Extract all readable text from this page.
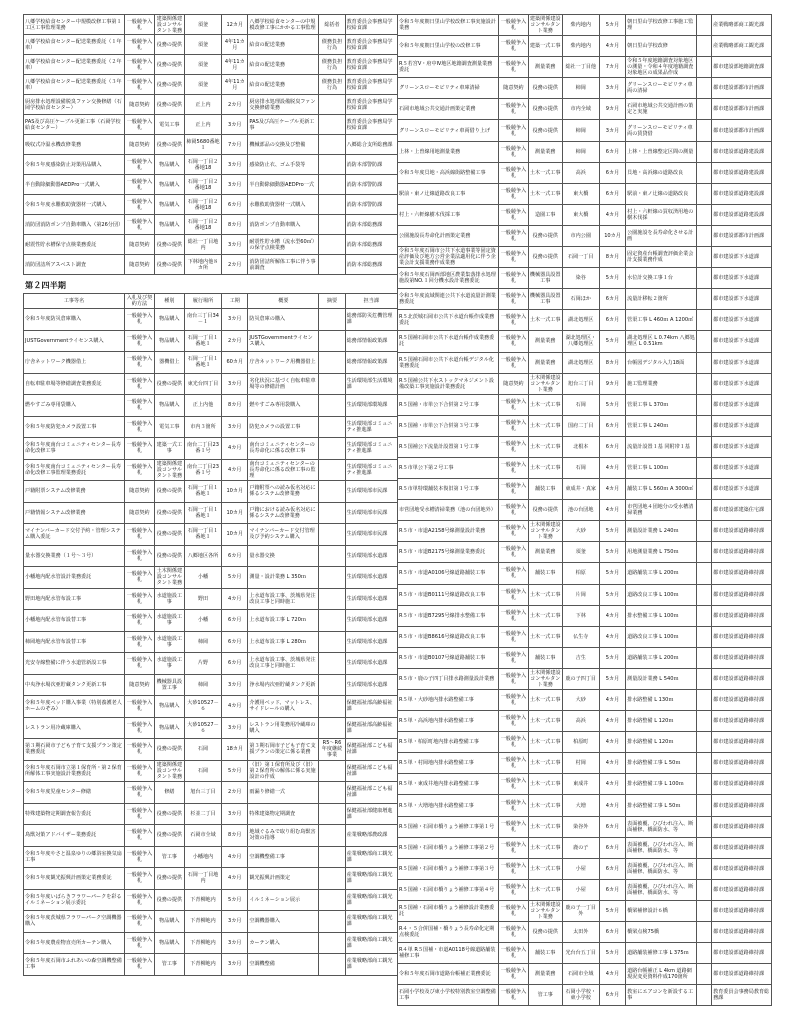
八郷学校給食センター中規模改修工事第１工区工事監理業務	一般競争入札	建築関係建設コンサルタント業務	須釜	12カ月	八郷学校給食センターの中規模改修工事にかかる工事監理	総括者	教育委員会事務局学校給食課
八郷学校給食センター配送業務委託（１年車）	一般競争入札	役務の提供	須釜	4年11カ月	給食の配送業務	債務負担行為	教育委員会事務局学校給食課
八郷学校給食センター配送業務委託（２年車）	一般競争入札	役務の提供	須釜	4年11カ月	給食の配送業務	債務負担行為	教育委員会事務局学校給食課
八郷学校給食センター配送業務委託（３年車）	一般競争入札	役務の提供	須釜	4年11カ月	給食の配送業務	債務負担行為	教育委員会事務局学校給食課
厨房排水処理設備脱臭ファン交換修繕（石岡学校給食センター）	随意契約	役務の提供	正上内	2カ月	厨房排水処理設備脱臭ファン交換修繕業務		教育委員会事務局学校給食課
PAS及び高圧ケーブル更新工事（石岡学校給食センター）	一般競争入札	電気工事	正上内	3カ月	PAS及び高圧ケーブル更新工事		教育委員会事務局学校給食課
吸収式冷温水機改修業務	随意契約	役務の提供	柿岡5680番地１	7カ月	機械部品の交換及び整備		八郷総合支所総務課
令和５年度感染防止対策用品購入	一般競争入札	物品購入	石岡一丁目２番地18	3カ月	感染防止衣、ゴム手袋等		消防本部警防課
半自動除細動器AEDPro一式購入	一般競争入札	物品購入	石岡一丁目２番地18	3カ月	半自動除細動器AEDPro一式		消防本部警防課
令和５年度水難救助資器材一式購入	一般競争入札	物品購入	石岡一丁目２番地18	6カ月	水難救助資器材一式購入		消防本部警防課
消防団消防ポンプ自動車購入（第26分団）	一般競争入札	物品購入	石岡一丁目２番地18	8カ月	消防ポンプ自動車購入		消防本部総務課
耐震性貯水槽保守点検業務委託	随意契約	役務の提供	総社一丁目地内	3カ月	耐震性貯水槽（流水型60㎥）の保守点検業務		消防本部総務課
消防団詰所アスベスト調査	随意契約	役務の提供	下林地内他８カ所	2カ月	消防団詰所解体工事に伴う事前調査		消防本部総務課
第２四半期
工事等名	入札及び契約方法	種別	履行場所	工期	概要	摘要	担当課
令和５年度防災倉庫購入	一般競争入札	物品購入	南台三丁目34－１	3カ月	防災倉庫の購入		総務部防災危機管理課
JUSTGovernmentライセンス購入	一般競争入札	物品購入	石岡一丁目１番地１	2カ月	JUSTGovernmentライセンス購入		総務部情報政策課
庁舎ネットワーク機器借上	一般競争入札	器機借上	石岡一丁目１番地１	60カ月	庁舎ネットワーク用機器借上		総務部情報政策課
自転車駐車場等修繕調査業務委託	一般競争入札	役務の提供	東光台四丁目	3カ月	劣化状況に基づく自転車駐車場等の修繕計画		生活環境部生活環境課
燃やすごみ専用袋購入	一般競争入札	物品購入	正上内他	8カ月	燃やすごみ専用袋購入		生活環境部環境課
令和５年度防犯カメラ設置工事	一般競争入札	電気工事	市内３箇所	3カ月	防犯カメラの設置工事		生活環境部コミュニティ推進課
令和５年度南台コミュニティセンター長寿命化改修工事	一般競争入札	建築一式工事	南台二丁目23番１号	4カ月	南台コミュニティセンターの長寿命化に係る改修工事		生活環境部コミュニティ推進課
令和５年度南台コミュニティセンター長寿命化改修工事監理業務委託	一般競争入札	建築関係建設コンサルタント業務	南台二丁目23番１号	4カ月	南台コミュニティセンターの長寿命化に係る改修工事の監理		生活環境部コミュニティ推進課
戸籍附票システム改修業務	随意契約	役務の提供	石岡一丁目１番地１	10カ月	戸籍附票への読み仮名対応に係るシステム改修業務		生活環境部市民課
戸籍情報システム改修業務	随意契約	役務の提供	石岡一丁目１番地１	10カ月	戸籍における読み仮名対応に係るシステム改修業務		生活環境部市民課
マイナンバーカード交付予約・管理システム購入委託	一般競争入札	役務の提供	石岡一丁目１番地１	10カ月	マイナンバーカード交付管理及び予約システム購入		生活環境部市民課
量水器交換業務（１号～３号）	一般競争入札	役務の提供	八郷地区各所	6カ月	量水器交換		生活環境部水道課
小幡地内配水管設計業務委託	一般競争入札	土木関係建設コンサルタント業務	小幡	5カ月	測量・設計業務 L 350ｍ		生活環境部水道課
野田地内配水管布設工事	一般競争入札	水道施設工事	野田	4カ月	上水道布設工事、茨城県発注改良工事と同時施工		生活環境部水道課
小幡地内配水管布設替工事	一般競争入札	水道施設工事	小幡	6カ月	上水道布設工事 L 720ｍ		生活環境部水道課
柿岡地内配水管布設替工事	一般競争入札	水道施設工事	柿岡	6カ月	上水道布設工事 L 280ｍ		生活環境部水道課
光安寺線整備に伴う水道管新設工事	一般競争入札	水道施設工事	片野	6カ月	上水道布設工事、茨城県発注改良工事と同時施工		生活環境部水道課
中央浄水場次亜貯蔵タンク更新工事	随意契約	機械器具設置工事	柿岡	3カ月	浄水場内次亜貯蔵タンク更新		生活環境部水道課
令和５年度ベッド購入事業（特別養護老人ホームのぞみ）	一般競争入札	物品購入	大砂10527－６	4カ月	介護用ベッド、マットレス、サイドレールの購入		保健福祉部高齢福祉課
レストラン用冷蔵庫購入	一般競争入札	物品購入	大砂10527－６	3カ月	レストラン用業務用冷蔵庫の購入		保健福祉部高齢福祉課
第３期石岡市子ども子育て支援プラン策定業務委託	一般競争入札	役務の提供	石岡	18カ月	第３期石岡市子ども子育て支援プランの策定に係る業務	R5～R6年度継続事業	保健福祉部こども福祉課
令和５年度石岡市立第１保育所・第２保育所解体工事実施設計業務委託	一般競争入札	建築関係建設コンサルタント業務	石岡	5カ月	（旧）第１保育所及び（旧）第２保育所の解体に係る実施設計の作成		保健福祉部こども福祉課
令和５年度児童センター修繕	一般競争入札	修繕	旭台三丁目	2カ月	雨漏り修繕一式		保健福祉部こども福祉課
特殊建築物定期調査報告委託	一般競争入札	役務の提供	杉並二丁目	3カ月	特殊建築物定期調査		保健福祉部健康増進課
鳥獣対策アドバイザー業務委託	一般競争入札	役務の提供	石岡市全域	8カ月	地域ぐるみで取り組む鳥獣害対策の指導		産業戦略部農政課
令和５年度やさと温泉ゆりの郷浴室換気扇工事	一般競争入札	管工事	小幡地内	4カ月	空調機整備工事		産業戦略部商工観光課
令和５年度観光振興計画策定業務委託	一般競争入札	役務の提供	石岡一丁目地内	4カ月	観光振興計画策定		産業戦略部商工観光課
令和５年度いばらきフラワーパークを彩るイルミネーション展示委託	一般競争入札	役務の提供	下青柳地内	5カ月	イルミネーション展示		産業戦略部商工観光課
令和５年度茨城県フラワーパーク空調機器購入	一般競争入札	物品購入	下青柳地内	3カ月	空調機器購入		産業戦略部商工観光課
令和５年度農産物直売所カーテン購入	一般競争入札	物品購入	下青柳地内	3カ月	カーテン購入		産業戦略部商工観光課
令和５年度石岡市ふれあいの森空調機整備工事	一般競争入札	管工事	下青柳地内	3カ月	空調機整備		産業戦略部商工観光課
令和５年度朝日里山学校改修工事実施設計業務	一般競争入札	建築関係建設コンサルタント業務	柴内地内	5カ月	朝日里山学校改修工事施工監理		産業戦略部商工観光課
令和５年度朝日里山学校の改修工事	一般競争入札	建築一式工事	柴内地内	4カ月	朝日里山学校改修		産業戦略部商工観光課
R５若宮Ⅴ・府中Ⅳ地区地籍調査測量業務委託	一般競争入札	測量業務	総社一丁目他	7カ月	令和５年度地籍調査対象地区の測量・令和４年度地籍調査対象地区の成果品作成		都市建設部地籍調査課
グリーンスローモビリティ車庫清掃	随意契約	役務の提供	柿岡	3カ月	グリーンスローモビリティ車両の清掃		都市建設部都市計画課
石岡市地域公共交通計画策定業務	一般競争入札	役務の提供	市内全域	9カ月	石岡市地域公共交通計画の策定と実施		都市建設部都市計画課
グリーンスローモビリティ車両借り上げ	一般競争入札	役務の提供	柿岡	3カ月	グリーンスローモビリティ車両の賃貸借		都市建設部都市計画課
上林・上曽線用地測量業務	一般競争入札	測量業務	柿岡	6カ月	上林・上曽線整定区間の測量		都市建設部道路建設課
令和５年度貝地・高浜線街路整備工事	一般競争入札	土木一式工事	高浜	6カ月	貝地・高浜線の道路改良		都市建設部道路建設課
駅前・東ノ辻線道路改良工事	一般競争入札	土木一式工事	東大橋	6カ月	駅前・東ノ辻線の道路改良		都市建設部道路建設課
村上・六軒線樹木伐採工事	一般競争入札	造園工事	東大橋	4カ月	村上・六軒線の買収済用地の樹木伐採		都市建設部道路建設課
公園施設長寿命化計画策定業務	一般競争入札	役務の提供	市内公園	10カ月	公園施設を長寿命化させる計画		都市建設部都市計画課
令和５年度石岡市公共下水道事業等固定資産評価及び地方公営企業法適用化に伴う企業会計支援業務作成業務	一般競争入札	役務の提供	石岡一丁目	8カ月	固定資産台帳調査評価企業会計支援業務作成		都市建設部下水道課
令和５年度石岡西部地区農業集落排水処理施設第NO.１回分機水設計業務委託	一般競争入札	機械器具設置工事	染谷	5カ月	水位計交換工事１台		都市建設部下水道課
令和５年度流域関連公共下水道流量計測業務委託	一般競争入札	機械器具設置工事	石岡ほか	6カ月	流量計移転２箇所		都市建設部下水道課
R５北茨城石岡市公共下水道台帳作成業務委託	一般競争入札	土木一式工事	湖北処理区	6カ月	管渠工事 L 460ｍ A 1200㎡		都市建設部下水道課
R５国補石岡市公共下水道台帳作成業務委託	一般競争入札	測量業務	湖北処理区・八郷処理区	5カ月	湖北処理区 L 0.74km 八郷処理区 L 0.51km		都市建設部下水道課
R５国補石岡市公共下水道台帳デジタル化業務委託	一般競争入札	測量業務	湖北処理区	8カ月	台帳図デジタル入力18面		都市建設部下水道課
R５国補公共下水ストックマネジメント設備改築工事実施設計業務委託	随意契約	土木関係建設コンサルタント業務	旭台三丁目	9カ月	施工監理業務		都市建設部下水道課
R５国補・市単公下合併第２号工事	一般競争入札	土木一式工事	石岡	5カ月	管渠工事 L 370ｍ		都市建設部下水道課
R５国補・市単公下合併第３号工事	一般競争入札	土木一式工事	国府二丁目	6カ月	管渠工事 L 240ｍ		都市建設部下水道課
R５国補公下流量計設置第１号工事	一般競争入札	土木一式工事	北根本	6カ月	流量計設置１基 同附帯１基		都市建設部下水道課
R５市単公下第２号工事	一般競争入札	土木一式工事	石岡	4カ月	管渠工事 L 100ｍ		都市建設部下水道課
R５市単特環舗装本復旧第１号工事	一般競争入札	舗装工事	東成井・真家	4カ月	舗装工事 L 560ｍ A 3000㎡		都市建設部下水道課
市営団地受水槽清掃業務（池の台団地外）	一般競争入札	役務の提供	池の台団地	4カ月	市営団地４団地分の受水槽清掃業務		都市建設部建築住宅課
R５市・市道A2158号線測量設計業務	一般競争入札	土木関係建設コンサルタント業務	大砂	5カ月	測量設計業務 L 240ｍ		都市建設部道路維持課
R５市・市道B2175号線測量業務委託	一般競争入札	測量業務	須釜	5カ月	用地測量業務 L 750ｍ		都市建設部道路維持課
R５市・市道A0106号線道路舗装工事	一般競争入札	舗装工事	柏原	5カ月	道路舗装工事 L 200ｍ		都市建設部道路維持課
R５市・市道B0111号線道路改良工事	一般競争入札	土木一式工事	片岡	5カ月	道路改良工事 L 100ｍ		都市建設部道路維持課
R５市・市道B7295号線排水整備工事	一般競争入札	土木一式工事	下林	4カ月	排水整備工事 L 100ｍ		都市建設部道路維持課
R５市・市道B8616号線道路改良工事	一般競争入札	土木一式工事	仏生寺	4カ月	道路改良工事 L 100ｍ		都市建設部道路維持課
R５市・市道B0107号線道路舗装工事	一般競争入札	舗装工事	吉生	5カ月	道路舗装工事 L 200ｍ		都市建設部道路維持課
R５市・鹿の子四丁目排水路測量設計業務	一般競争入札	土木関係建設コンサルタント業務	鹿の子四丁目	5カ月	測量設計業務 L 540ｍ		都市建設部道路維持課
R５単・大砂地内排水路整備工事	一般競争入札	土木一式工事	大砂	4カ月	排水路整備 L 130ｍ		都市建設部道路維持課
R５単・高浜地内排水路整備工事	一般競争入札	土木一式工事	高浜	4カ月	排水路整備 L 120ｍ		都市建設部道路維持課
R５単・柏原町地内排水路整備工事	一般競争入札	土木一式工事	柏原町	4カ月	排水路整備 L 120ｍ		都市建設部道路維持課
R５単・村岡地内排水路整備工事	一般競争入札	土木一式工事	村岡	4カ月	排水路整備工事 L 50ｍ		都市建設部道路維持課
R５単・東成井地内排水路整備工事	一般競争入札	土木一式工事	東成井	4カ月	排水路整備工事 L 100ｍ		都市建設部道路維持課
R５単・大増地内排水路整備工事	一般競争入札	土木一式工事	大増	4カ月	排水路整備工事 L 50ｍ		都市建設部道路維持課
R５国補・石岡市橋りょう補修工事第１号	一般競争入札	土木一式工事	染谷外	6カ月	表面被覆、ひびわれ注入、断面補修、橋面防水、等		都市建設部道路維持課
R５国補・石岡市橋りょう補修工事第２号	一般競争入札	土木一式工事	鹿の子	6カ月	表面被覆、ひびわれ注入、断面補修、橋面防水、等		都市建設部道路維持課
R５国補・石岡市橋りょう補修工事第３号	一般競争入札	土木一式工事	小屋	6カ月	表面被覆、ひびわれ注入、断面補修、橋面防水、等		都市建設部道路維持課
R５国補・石岡市橋りょう補修工事第４号	一般競争入札	土木一式工事	小屋	6カ月	表面被覆、ひびわれ注入、断面補修、橋面防水、等		都市建設部道路維持課
R５国補・石岡市橋りょう補修設計業務委託	一般競争入札	土木関係建設コンサルタント業務	鹿の子一丁目外	5カ月	橋梁補修設計６橋		都市建設部道路維持課
R４・５合併国補・橋りょう長寿命化定期点検委託	一般競争入札	役務の提供	太田外	6カ月	橋梁点検75橋		都市建設部道路維持課
R４単 R５国補・市道A0118号線道路舗装補修工事	一般競争入札	舗装工事	光台台五丁目	5カ月	道路舗装補修工事 L 375ｍ		都市建設部道路維持課
令和５年度石岡市道路台帳補正業務委託	一般競争入札	測量業務	石岡市全域	4カ月	道路台帳補正 L 4km 道路網現況変更資料作成170箇所		都市建設部道路維持課
石岡小学校及び東小学校特別教室空調整備工事	一般競争入札	管工事	石岡小学校・東小学校	6カ月	教室にエアコンを新設する工事		教育委員会事務局教育総務課
